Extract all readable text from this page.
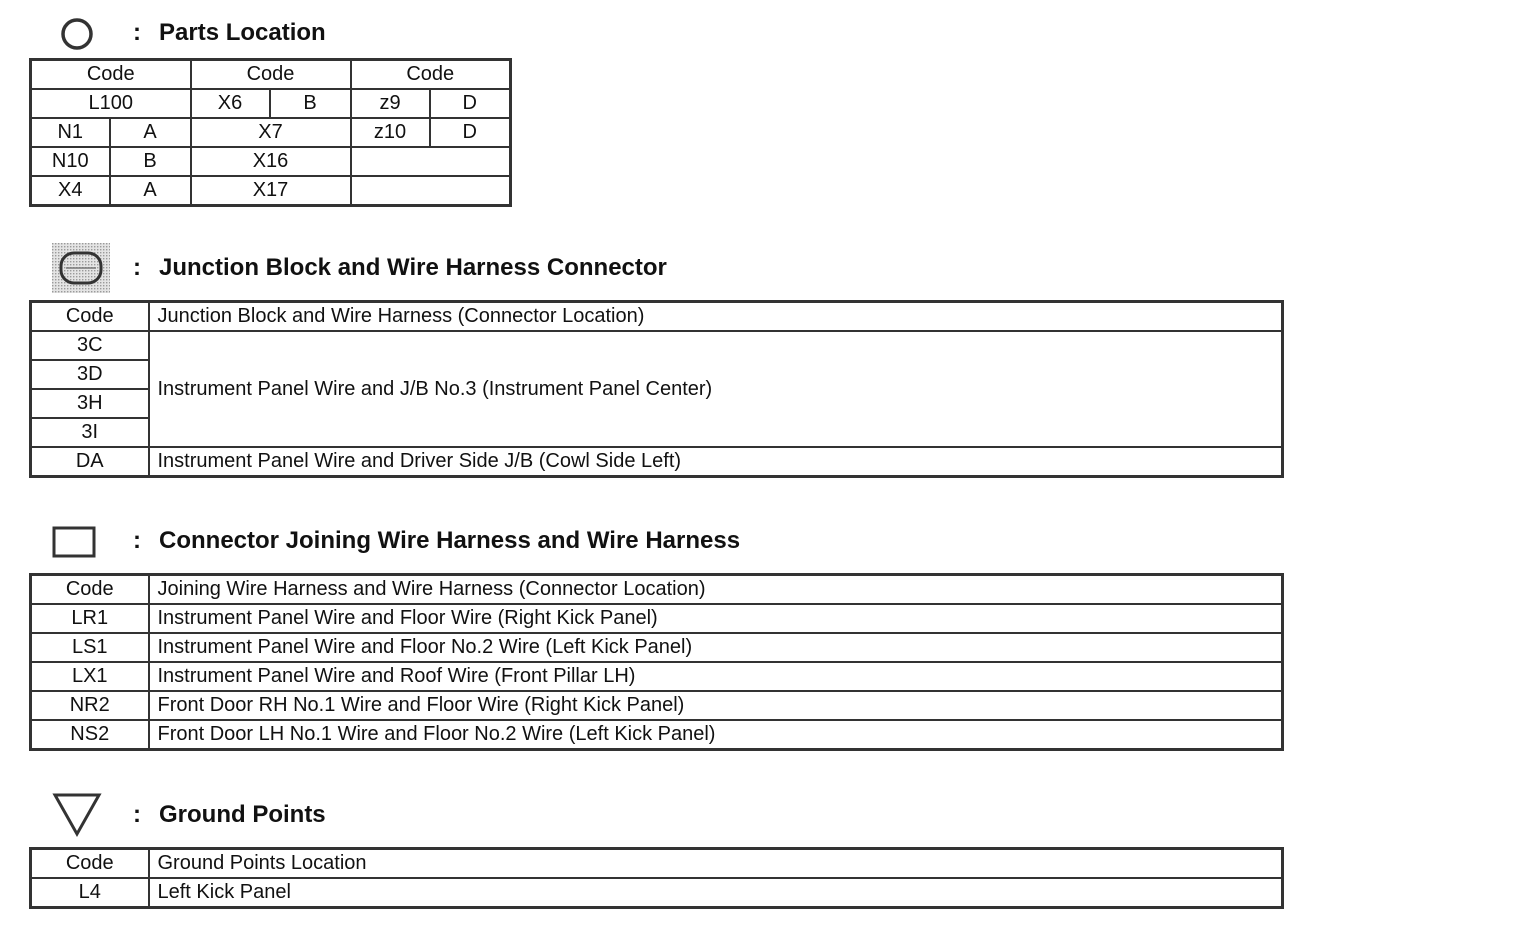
: Parts Location
Code		Code		Code	
L100		X6	B	z9	D
N1	A	X7		z10	D
N10	B	X16			
X4	A	X17			
: Junction Block and Wire Harness Connector
Code	Junction Block and Wire Harness (Connector Location)
3C	Instrument Panel Wire and J/B No.3 (Instrument Panel Center)
3D	
3H	
3I	
DA	Instrument Panel Wire and Driver Side J/B (Cowl Side Left)
: Connector Joining Wire Harness and Wire Harness
Code	Joining Wire Harness and Wire Harness (Connector Location)
LR1	Instrument Panel Wire and Floor Wire (Right Kick Panel)
LS1	Instrument Panel Wire and Floor No.2 Wire (Left Kick Panel)
LX1	Instrument Panel Wire and Roof Wire (Front Pillar LH)
NR2	Front Door RH No.1 Wire and Floor Wire (Right Kick Panel)
NS2	Front Door LH No.1 Wire and Floor No.2 Wire (Left Kick Panel)
: Ground Points
Code	Ground Points Location
L4	Left Kick Panel
